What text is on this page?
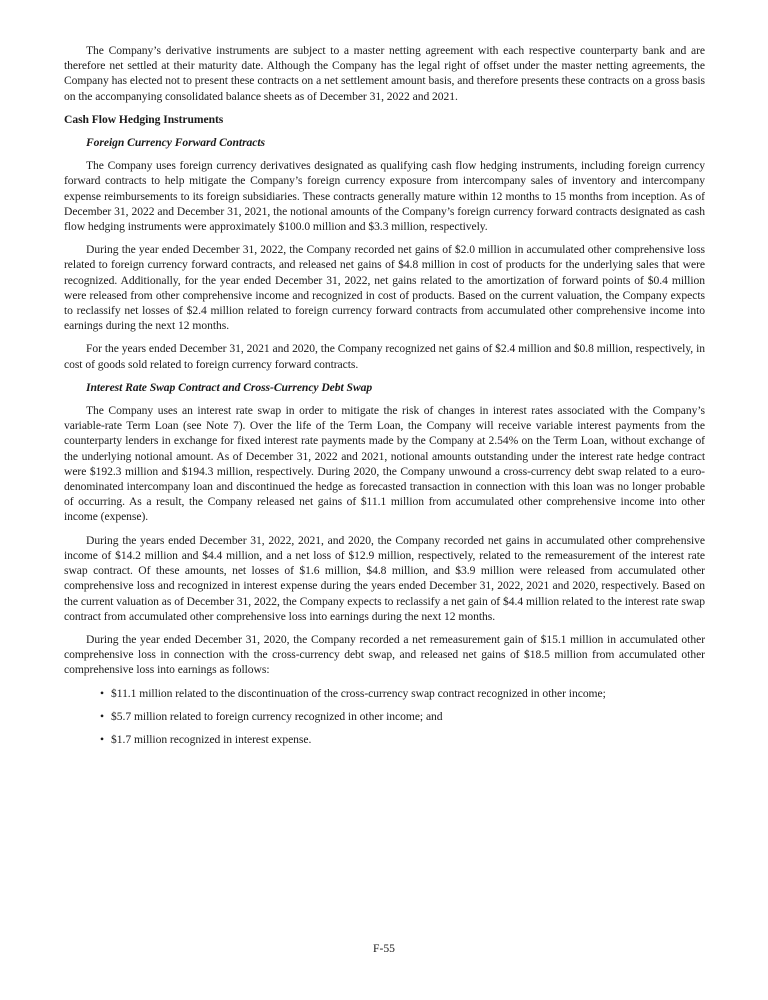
The Company’s derivative instruments are subject to a master netting agreement with each respective counterparty bank and are therefore net settled at their maturity date. Although the Company has the legal right of offset under the master netting agreements, the Company has elected not to present these contracts on a net settlement amount basis, and therefore presents these contracts on a gross basis on the accompanying consolidated balance sheets as of December 31, 2022 and 2021.

Cash Flow Hedging Instruments
Foreign Currency Forward Contracts

The Company uses foreign currency derivatives designated as qualifying cash flow hedging instruments, including foreign currency forward contracts to help mitigate the Company’s foreign currency exposure from intercompany sales of inventory and intercompany expense reimbursements to its foreign subsidiaries. These contracts generally mature within 12 months to 15 months from inception. As of December 31, 2022 and December 31, 2021, the notional amounts of the Company’s foreign currency forward contracts designated as cash flow hedging instruments were approximately $100.0 million and $3.3 million, respectively.

During the year ended December 31, 2022, the Company recorded net gains of $2.0 million in accumulated other comprehensive loss related to foreign currency forward contracts, and released net gains of $4.8 million in cost of products for the underlying sales that were recognized. Additionally, for the year ended December 31, 2022, net gains related to the amortization of forward points of $0.4 million were released from other comprehensive income and recognized in cost of products. Based on the current valuation, the Company expects to reclassify net losses of $2.4 million related to foreign currency forward contracts from accumulated other comprehensive income into earnings during the next 12 months.

For the years ended December 31, 2021 and 2020, the Company recognized net gains of $2.4 million and $0.8 million, respectively, in cost of goods sold related to foreign currency forward contracts.

Interest Rate Swap Contract and Cross-Currency Debt Swap

The Company uses an interest rate swap in order to mitigate the risk of changes in interest rates associated with the Company’s variable-rate Term Loan (see Note 7). Over the life of the Term Loan, the Company will receive variable interest payments from the counterparty lenders in exchange for fixed interest rate payments made by the Company at 2.54% on the Term Loan, without exchange of the underlying notional amount. As of December 31, 2022 and 2021, notional amounts outstanding under the interest rate hedge contract were $192.3 million and $194.3 million, respectively. During 2020, the Company unwound a cross-currency debt swap related to a euro-denominated intercompany loan and discontinued the hedge as forecasted transaction in connection with this loan was no longer probable of occurring. As a result, the Company released net gains of $11.1 million from accumulated other comprehensive income into other income (expense).

During the years ended December 31, 2022, 2021, and 2020, the Company recorded net gains in accumulated other comprehensive income of $14.2 million and $4.4 million, and a net loss of $12.9 million, respectively, related to the remeasurement of the interest rate swap contract. Of these amounts, net losses of $1.6 million, $4.8 million, and $3.9 million were released from accumulated other comprehensive loss and recognized in interest expense during the years ended December 31, 2022, 2021 and 2020, respectively. Based on the current valuation as of December 31, 2022, the Company expects to reclassify a net gain of $4.4 million related to the interest rate swap contract from accumulated other comprehensive loss into earnings during the next 12 months.

During the year ended December 31, 2020, the Company recorded a net remeasurement gain of $15.1 million in accumulated other comprehensive loss in connection with the cross-currency debt swap, and released net gains of $18.5 million from accumulated other comprehensive loss into earnings as follows:

• $11.1 million related to the discontinuation of the cross-currency swap contract recognized in other income;
• $5.7 million related to foreign currency recognized in other income; and
• $1.7 million recognized in interest expense.
F-55
